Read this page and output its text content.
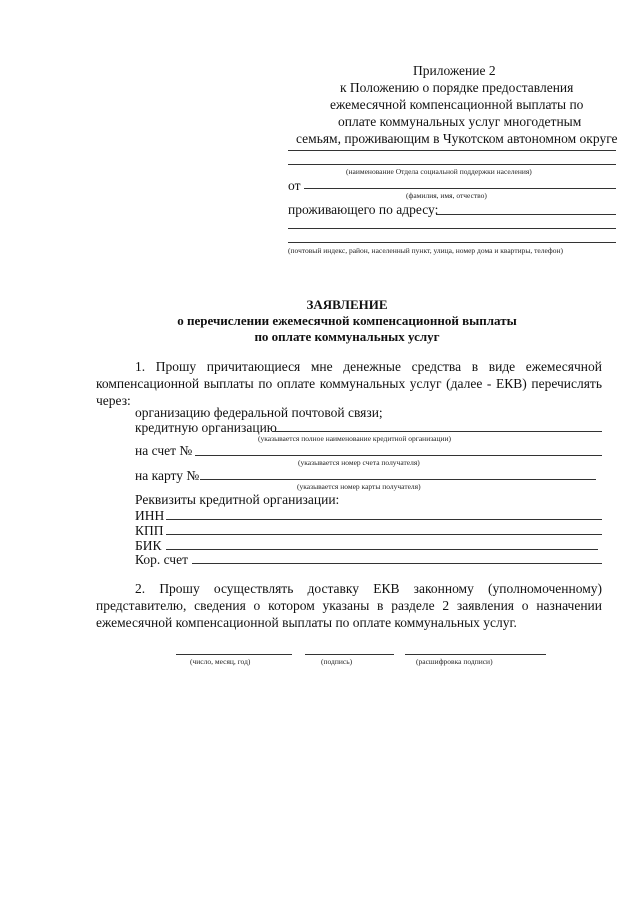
Приложение 2
к Положению о порядке предоставления
ежемесячной компенсационной выплаты по
оплате коммунальных услуг многодетным
семьям, проживающим в Чукотском автономном округе
(наименование Отдела социальной поддержки населения)
от
(фамилия, имя, отчество)
проживающего по адресу:
(почтовый индекс, район, населенный пункт, улица, номер дома и квартиры, телефон)
ЗАЯВЛЕНИЕ
о перечислении ежемесячной компенсационной выплаты
по оплате коммунальных услуг
1. Прошу причитающиеся мне денежные средства в виде ежемесячной
компенсационной выплаты по оплате коммунальных услуг (далее - ЕКВ) перечислять
через:
организацию федеральной почтовой связи;
кредитную организацию
(указывается полное наименование кредитной организации)
на счет №
(указывается номер счета получателя)
на карту №
(указывается номер карты получателя)
Реквизиты кредитной организации:
ИНН
КПП
БИК
Кор. счет
2. Прошу осуществлять доставку ЕКВ законному (уполномоченному)
представителю, сведения о котором указаны в разделе 2 заявления о назначении
ежемесячной компенсационной выплаты по оплате коммунальных услуг.
(число, месяц, год)	(подпись)	(расшифровка подписи)
